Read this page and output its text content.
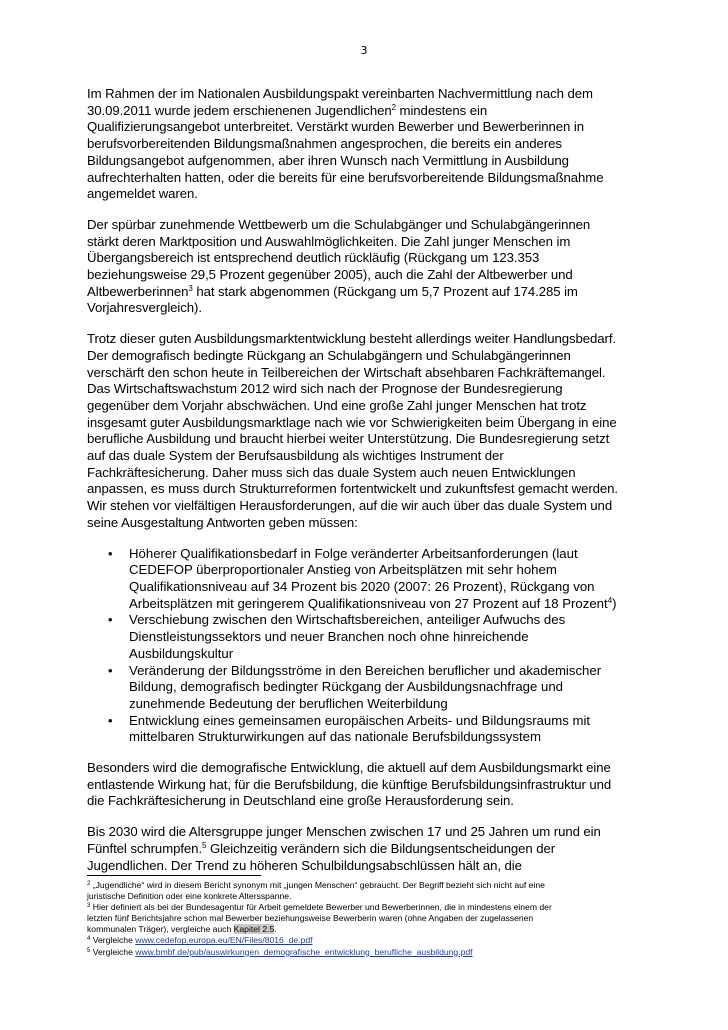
3

Im Rahmen der im Nationalen Ausbildungspakt vereinbarten Nachvermittlung nach dem
30.09.2011 wurde jedem erschienenen Jugendlichen$^2$ mindestens ein
Qualifizierungsangebot unterbreitet. Verstärkt wurden Bewerber und Bewerberinnen in
berufsvorbereitenden Bildungsmaßnahmen angesprochen, die bereits ein anderes
Bildungsangebot aufgenommen, aber ihren Wunsch nach Vermittlung in Ausbildung
aufrechterhalten hatten, oder die bereits für eine berufsvorbereitende Bildungsmaßnahme
angemeldet waren.

Der spürbar zunehmende Wettbewerb um die Schulabgänger und Schulabgängerinnen
stärkt deren Marktposition und Auswahlmöglichkeiten. Die Zahl junger Menschen im
Übergangsbereich ist entsprechend deutlich rückläufig (Rückgang um 123.353
beziehungsweise 29,5 Prozent gegenüber 2005), auch die Zahl der Altbewerber und
Altbewerberinnen$^3$ hat stark abgenommen (Rückgang um 5,7 Prozent auf 174.285 im
Vorjahresvergleich).

Trotz dieser guten Ausbildungsmarktentwicklung besteht allerdings weiter Handlungsbedarf.
Der demografisch bedingte Rückgang an Schulabgängern und Schulabgängerinnen
verschärft den schon heute in Teilbereichen der Wirtschaft absehbaren Fachkräftemangel.
Das Wirtschaftswachstum 2012 wird sich nach der Prognose der Bundesregierung
gegenüber dem Vorjahr abschwächen. Und eine große Zahl junger Menschen hat trotz
insgesamt guter Ausbildungsmarktlage nach wie vor Schwierigkeiten beim Übergang in eine
berufliche Ausbildung und braucht hierbei weiter Unterstützung. Die Bundesregierung setzt
auf das duale System der Berufsausbildung als wichtiges Instrument der
Fachkräftesicherung. Daher muss sich das duale System auch neuen Entwicklungen
anpassen, es muss durch Strukturreformen fortentwickelt und zukunftsfest gemacht werden.
Wir stehen vor vielfältigen Herausforderungen, auf die wir auch über das duale System und
seine Ausgestaltung Antworten geben müssen:

• Höherer Qualifikationsbedarf in Folge veränderter Arbeitsanforderungen (laut
CEDEFOP überproportionaler Anstieg von Arbeitsplätzen mit sehr hohem
Qualifikationsniveau auf 34 Prozent bis 2020 (2007: 26 Prozent), Rückgang von
Arbeitsplätzen mit geringerem Qualifikationsniveau von 27 Prozent auf 18 Prozent$^4$)
• Verschiebung zwischen den Wirtschaftsbereichen, anteiliger Aufwuchs des
Dienstleistungssektors und neuer Branchen noch ohne hinreichende
Ausbildungskultur
• Veränderung der Bildungsströme in den Bereichen beruflicher und akademischer
Bildung, demografisch bedingter Rückgang der Ausbildungsnachfrage und
zunehmende Bedeutung der beruflichen Weiterbildung
• Entwicklung eines gemeinsamen europäischen Arbeits- und Bildungsraums mit
mittelbaren Strukturwirkungen auf das nationale Berufsbildungssystem

Besonders wird die demografische Entwicklung, die aktuell auf dem Ausbildungsmarkt eine
entlastende Wirkung hat, für die Berufsbildung, die künftige Berufsbildungsinfrastruktur und
die Fachkräftesicherung in Deutschland eine große Herausforderung sein.

Bis 2030 wird die Altersgruppe junger Menschen zwischen 17 und 25 Jahren um rund ein
Fünftel schrumpfen.$^5$ Gleichzeitig verändern sich die Bildungsentscheidungen der
Jugendlichen. Der Trend zu höheren Schulbildungsabschlüssen hält an, die

$^2$ „Jugendliche“ wird in diesem Bericht synonym mit „jungen Menschen“ gebraucht. Der Begriff bezieht sich nicht auf eine
juristische Definition oder eine konkrete Altersspanne.
$^3$ Hier definiert als bei der Bundesagentur für Arbeit gemeldete Bewerber und Bewerberinnen, die in mindestens einem der
letzten fünf Berichtsjahre schon mal Bewerber beziehungsweise Bewerberin waren (ohne Angaben der zugelassenen
kommunalen Träger), vergleiche auch Kapitel 2.5.
$^4$ Vergleiche www.cedefop.europa.eu/EN/Files/8016_de.pdf
$^5$ Vergleiche www.bmbf.de/pub/auswirkungen_demografische_entwicklung_berufliche_ausbildung.pdf
